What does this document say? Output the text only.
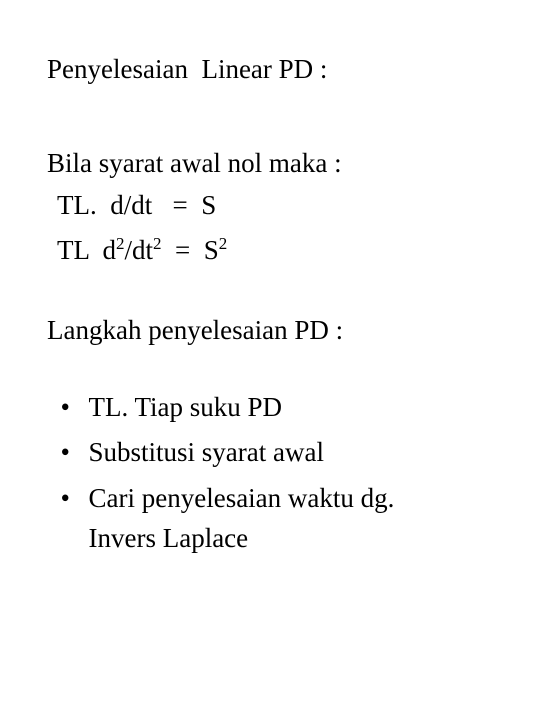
Penyelesaian  Linear PD :
Bila syarat awal nol maka :
TL.  d/dt   =  S
TL  $d^2/dt^2 = S^2$
Langkah penyelesaian PD :

• TL. Tiap suku PD

• Substitusi syarat awal

• Cari penyelesaian waktu dg.
Invers Laplace
